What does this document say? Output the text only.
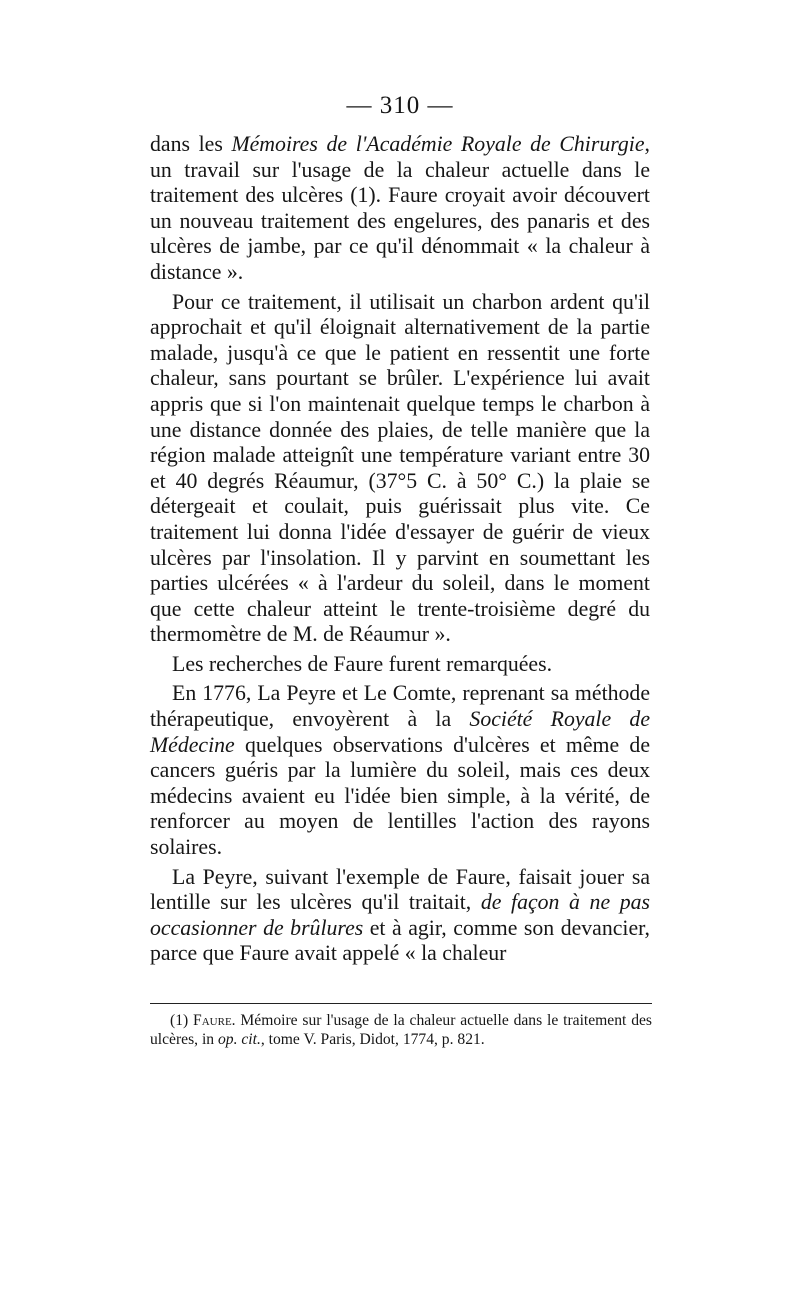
— 310 —

dans les Mémoires de l'Académie Royale de Chirurgie, un travail sur l'usage de la chaleur actuelle dans le traitement des ulcères (1). Faure croyait avoir découvert un nouveau traitement des engelures, des panaris et des ulcères de jambe, par ce qu'il dénommait « la chaleur à distance ».

Pour ce traitement, il utilisait un charbon ardent qu'il approchait et qu'il éloignait alternativement de la partie malade, jusqu'à ce que le patient en ressentit une forte chaleur, sans pourtant se brûler. L'expérience lui avait appris que si l'on maintenait quelque temps le charbon à une distance donnée des plaies, de telle manière que la région malade atteignît une température variant entre 30 et 40 degrés Réaumur, (37°5 C. à 50° C.) la plaie se détergeait et coulait, puis guérissait plus vite. Ce traitement lui donna l'idée d'essayer de guérir de vieux ulcères par l'insolation. Il y parvint en soumettant les parties ulcérées « à l'ardeur du soleil, dans le moment que cette chaleur atteint le trente-troisième degré du thermomètre de M. de Réaumur ».

Les recherches de Faure furent remarquées.

En 1776, La Peyre et Le Comte, reprenant sa méthode thérapeutique, envoyèrent à la Société Royale de Médecine quelques observations d'ulcères et même de cancers guéris par la lumière du soleil, mais ces deux médecins avaient eu l'idée bien simple, à la vérité, de renforcer au moyen de lentilles l'action des rayons solaires.

La Peyre, suivant l'exemple de Faure, faisait jouer sa lentille sur les ulcères qu'il traitait, de façon à ne pas occasionner de brûlures et à agir, comme son devancier, parce que Faure avait appelé « la chaleur

(1) Faure. Mémoire sur l'usage de la chaleur actuelle dans le traitement des ulcères, in op. cit., tome V. Paris, Didot, 1774, p. 821.
